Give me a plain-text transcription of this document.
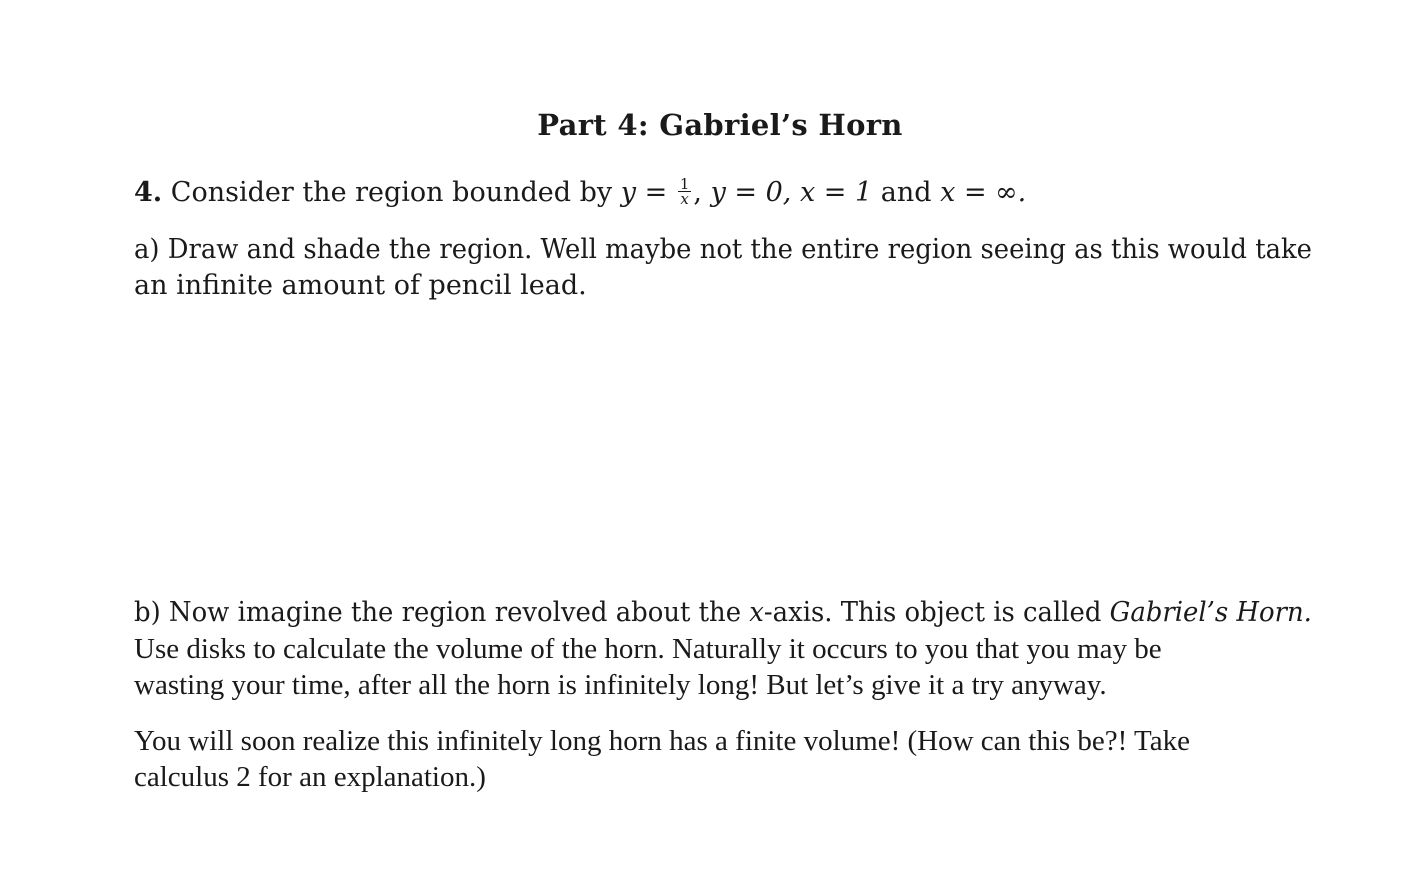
Part 4: Gabriel’s Horn
4. Consider the region bounded by $y = \frac{1}{x}$ , y = 0, x = 1 and x = ∞.
a) Draw and shade the region. Well maybe not the entire region seeing as this would take
an infinite amount of pencil lead.
b) Now imagine the region revolved about the x-axis. This object is called Gabriel’s Horn.
Use disks to calculate the volume of the horn. Naturally it occurs to you that you may be
wasting your time, after all the horn is infinitely long! But let’s give it a try anyway.
You will soon realize this infinitely long horn has a finite volume! (How can this be?! Take
calculus 2 for an explanation.)
